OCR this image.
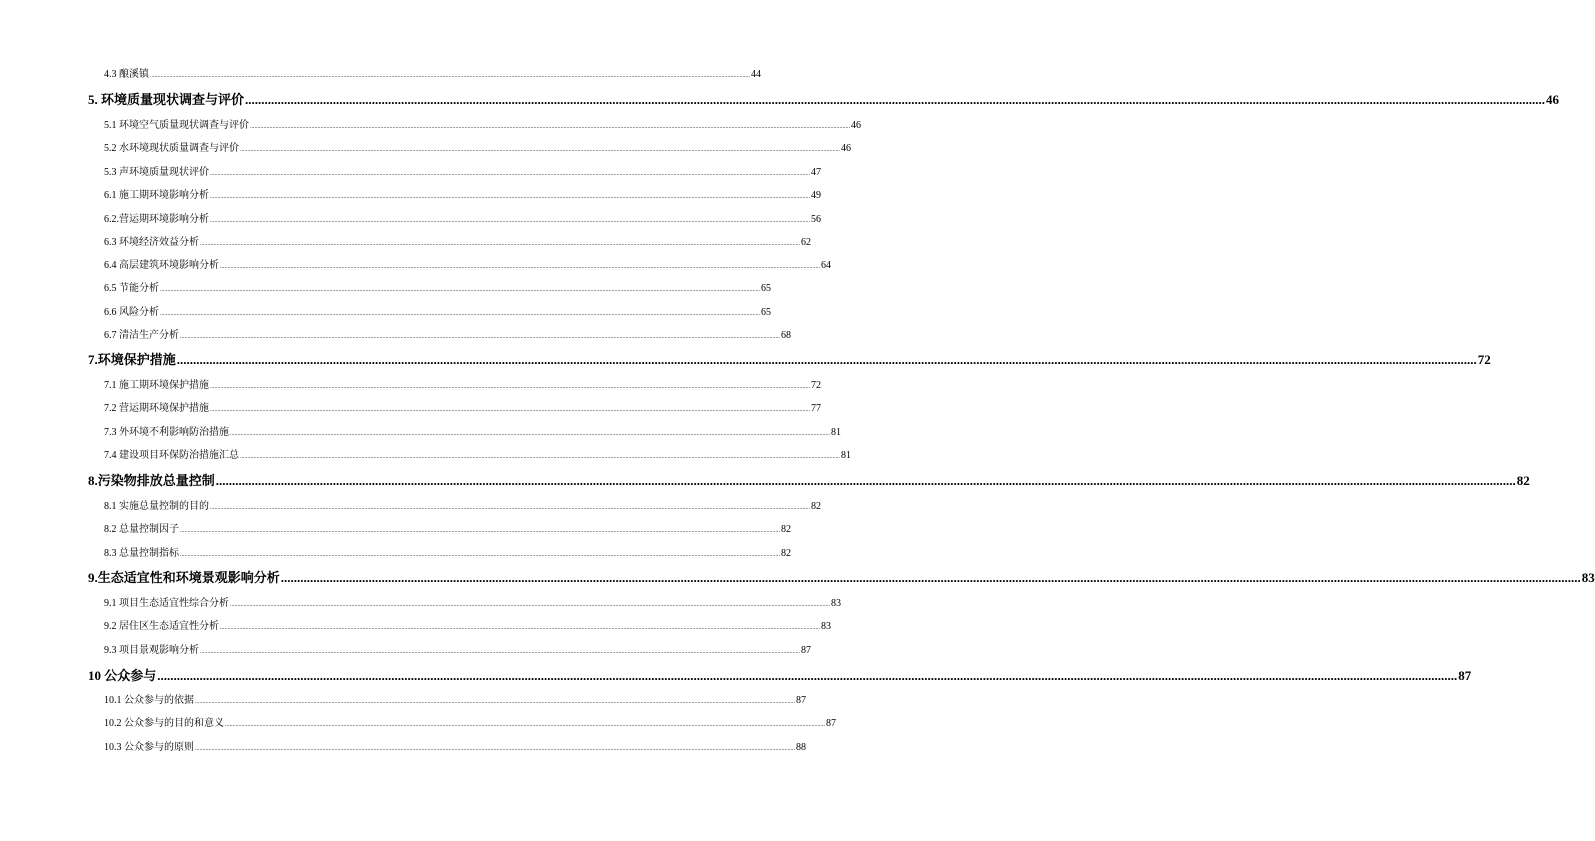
4.3 酿溪镇 ................................................................................................................................................................................................................................................................................................................................................................................................................ 44
5. 环境质量现状调查与评价 ................................................................................................................................................................................................................................................................................................................................................................................................................ 46
5.1 环境空气质量现状调查与评价 ................................................................................................................................................................................................................................................................................................................................................................................................................ 46
5.2 水环境现状质量调查与评价 ................................................................................................................................................................................................................................................................................................................................................................................................................ 46
5.3 声环境质量现状评价 ................................................................................................................................................................................................................................................................................................................................................................................................................ 47
6.1 施工期环境影响分析 ................................................................................................................................................................................................................................................................................................................................................................................................................ 49
6.2.营运期环境影响分析 ................................................................................................................................................................................................................................................................................................................................................................................................................ 56
6.3 环境经济效益分析 ................................................................................................................................................................................................................................................................................................................................................................................................................ 62
6.4 高层建筑环境影响分析 ................................................................................................................................................................................................................................................................................................................................................................................................................ 64
6.5 节能分析 ................................................................................................................................................................................................................................................................................................................................................................................................................ 65
6.6 风险分析 ................................................................................................................................................................................................................................................................................................................................................................................................................ 65
6.7 清洁生产分析 ................................................................................................................................................................................................................................................................................................................................................................................................................ 68
7.环境保护措施 ................................................................................................................................................................................................................................................................................................................................................................................................................ 72
7.1 施工期环境保护措施 ................................................................................................................................................................................................................................................................................................................................................................................................................ 72
7.2 营运期环境保护措施 ................................................................................................................................................................................................................................................................................................................................................................................................................ 77
7.3 外环境不利影响防治措施 ................................................................................................................................................................................................................................................................................................................................................................................................................ 81
7.4 建设项目环保防治措施汇总 ................................................................................................................................................................................................................................................................................................................................................................................................................ 81
8.污染物排放总量控制 ................................................................................................................................................................................................................................................................................................................................................................................................................ 82
8.1 实施总量控制的目的 ................................................................................................................................................................................................................................................................................................................................................................................................................ 82
8.2 总量控制因子 ................................................................................................................................................................................................................................................................................................................................................................................................................ 82
8.3 总量控制指标 ................................................................................................................................................................................................................................................................................................................................................................................................................ 82
9.生态适宜性和环境景观影响分析 ................................................................................................................................................................................................................................................................................................................................................................................................................ 83
9.1 项目生态适宜性综合分析 ................................................................................................................................................................................................................................................................................................................................................................................................................ 83
9.2 居住区生态适宜性分析 ................................................................................................................................................................................................................................................................................................................................................................................................................ 83
9.3 项目景观影响分析 ................................................................................................................................................................................................................................................................................................................................................................................................................ 87
10 公众参与 ................................................................................................................................................................................................................................................................................................................................................................................................................ 87
10.1 公众参与的依据 ................................................................................................................................................................................................................................................................................................................................................................................................................ 87
10.2 公众参与的目的和意义 ................................................................................................................................................................................................................................................................................................................................................................................................................ 87
10.3 公众参与的原则 ................................................................................................................................................................................................................................................................................................................................................................................................................ 88
